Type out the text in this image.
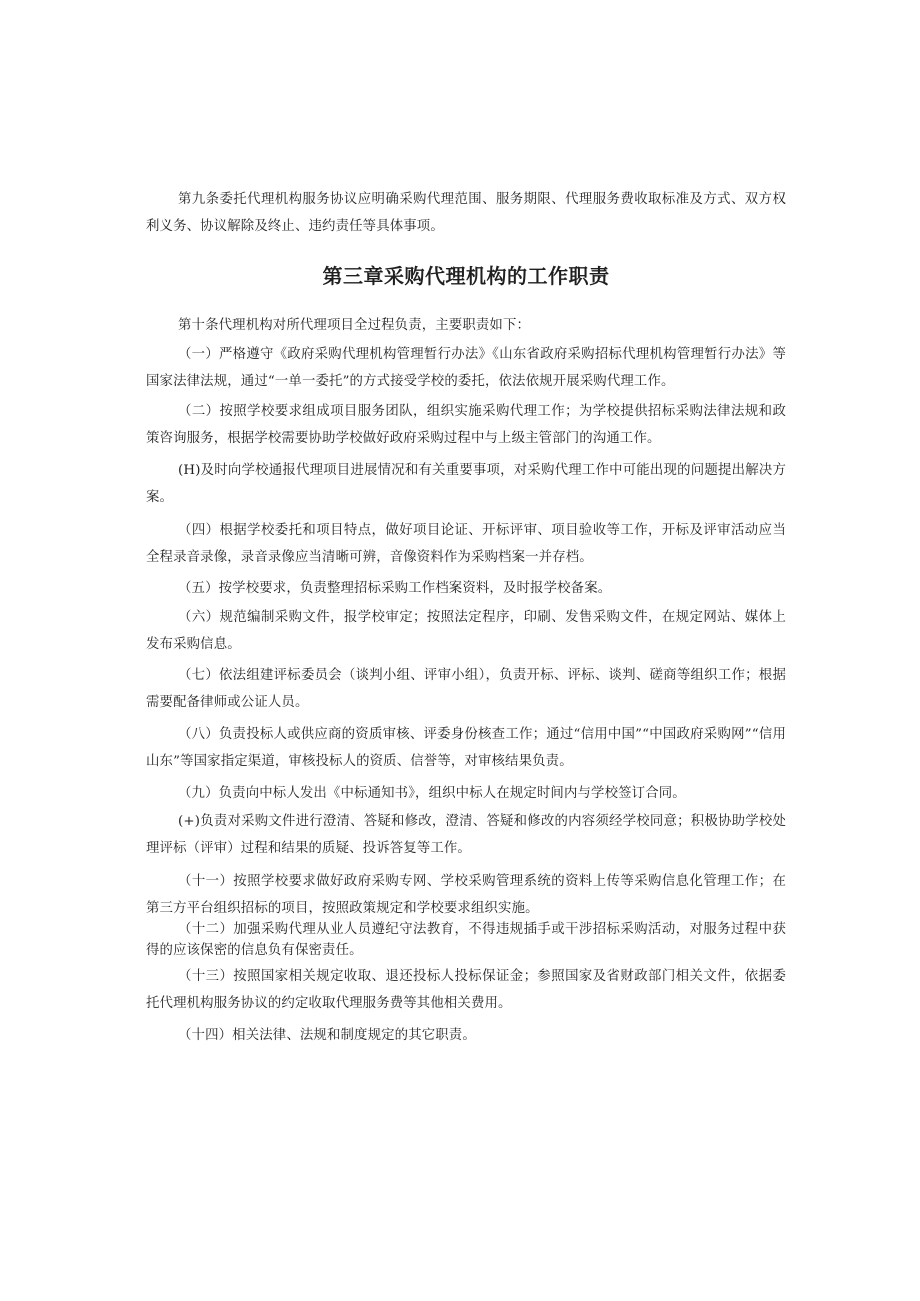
第九条委托代理机构服务协议应明确采购代理范围、服务期限、代理服务费收取标准及方式、双方权利义务、协议解除及终止、违约责任等具体事项。

第三章采购代理机构的工作职责

第十条代理机构对所代理项目全过程负责，主要职责如下：

（一）严格遵守《政府采购代理机构管理暂行办法》《山东省政府采购招标代理机构管理暂行办法》等国家法律法规，通过“一单一委托”的方式接受学校的委托，依法依规开展采购代理工作。

（二）按照学校要求组成项目服务团队，组织实施采购代理工作；为学校提供招标采购法律法规和政策咨询服务，根据学校需要协助学校做好政府采购过程中与上级主管部门的沟通工作。

(H)及时向学校通报代理项目进展情况和有关重要事项，对采购代理工作中可能出现的问题提出解决方案。

（四）根据学校委托和项目特点，做好项目论证、开标评审、项目验收等工作，开标及评审活动应当全程录音录像，录音录像应当清晰可辨，音像资料作为采购档案一并存档。

（五）按学校要求，负责整理招标采购工作档案资料，及时报学校备案。

（六）规范编制采购文件，报学校审定；按照法定程序，印刷、发售采购文件，在规定网站、媒体上发布采购信息。

（七）依法组建评标委员会（谈判小组、评审小组），负责开标、评标、谈判、磋商等组织工作；根据需要配备律师或公证人员。

（八）负责投标人或供应商的资质审核、评委身份核查工作；通过“信用中国”“中国政府采购网”“信用山东”等国家指定渠道，审核投标人的资质、信誉等，对审核结果负责。

（九）负责向中标人发出《中标通知书》，组织中标人在规定时间内与学校签订合同。

(+)负责对采购文件进行澄清、答疑和修改，澄清、答疑和修改的内容须经学校同意；积极协助学校处理评标（评审）过程和结果的质疑、投诉答复等工作。

（十一）按照学校要求做好政府采购专网、学校采购管理系统的资料上传等采购信息化管理工作；在第三方平台组织招标的项目，按照政策规定和学校要求组织实施。

（十二）加强采购代理从业人员遵纪守法教育，不得违规插手或干涉招标采购活动，对服务过程中获得的应该保密的信息负有保密责任。

（十三）按照国家相关规定收取、退还投标人投标保证金；参照国家及省财政部门相关文件，依据委托代理机构服务协议的约定收取代理服务费等其他相关费用。

（十四）相关法律、法规和制度规定的其它职责。
